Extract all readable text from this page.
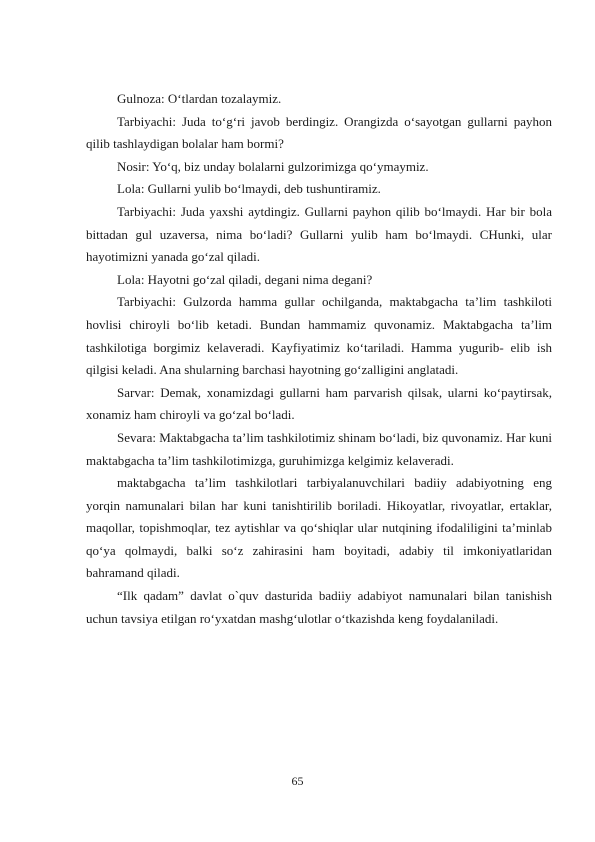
Gulnoza: O‘tlardan tozalaymiz.

Tarbiyachi: Juda to‘g‘ri javob berdingiz. Orangizda o‘sayotgan gullarni payhon qilib tashlaydigan bolalar ham bormi?

Nosir: Yo‘q, biz unday bolalarni gulzorimizga qo‘ymaymiz.

Lola: Gullarni yulib bo‘lmaydi, deb tushuntiramiz.

Tarbiyachi: Juda yaxshi aytdingiz. Gullarni payhon qilib bo‘lmaydi. Har bir bola bittadan gul uzaversa, nima bo‘ladi? Gullarni yulib ham bo‘lmaydi. CHunki, ular hayotimizni yanada go‘zal qiladi.

Lola: Hayotni go‘zal qiladi, degani nima degani?

Tarbiyachi: Gulzorda hamma gullar ochilganda, maktabgacha ta’lim tashkiloti hovlisi chiroyli bo‘lib ketadi. Bundan hammamiz quvonamiz. Maktabgacha ta’lim tashkilotiga borgimiz kelaveradi. Kayfiyatimiz ko‘tariladi. Hamma yugurib- elib ish qilgisi keladi. Ana shularning barchasi hayotning go‘zalligini anglatadi.

Sarvar: Demak, xonamizdagi gullarni ham parvarish qilsak, ularni ko‘paytirsak, xonamiz ham chiroyli va go‘zal bo‘ladi.

Sevara: Maktabgacha ta’lim tashkilotimiz shinam bo‘ladi, biz quvonamiz. Har kuni maktabgacha ta’lim tashkilotimizga, guruhimizga kelgimiz kelaveradi.

maktabgacha ta’lim tashkilotlari tarbiyalanuvchilari badiiy adabiyotning eng yorqin namunalari bilan har kuni tanishtirilib boriladi. Hikoyatlar, rivoyatlar, ertaklar, maqollar, topishmoqlar, tez aytishlar va qo‘shiqlar ular nutqining ifodaliligini ta’minlab qo‘ya qolmaydi, balki so‘z zahirasini ham boyitadi, adabiy til imkoniyatlaridan bahramand qiladi.

“Ilk qadam” davlat o`quv dasturida badiiy adabiyot namunalari bilan tanishish uchun tavsiya etilgan ro‘yxatdan mashg‘ulotlar o‘tkazishda keng foydalaniladi.

65
